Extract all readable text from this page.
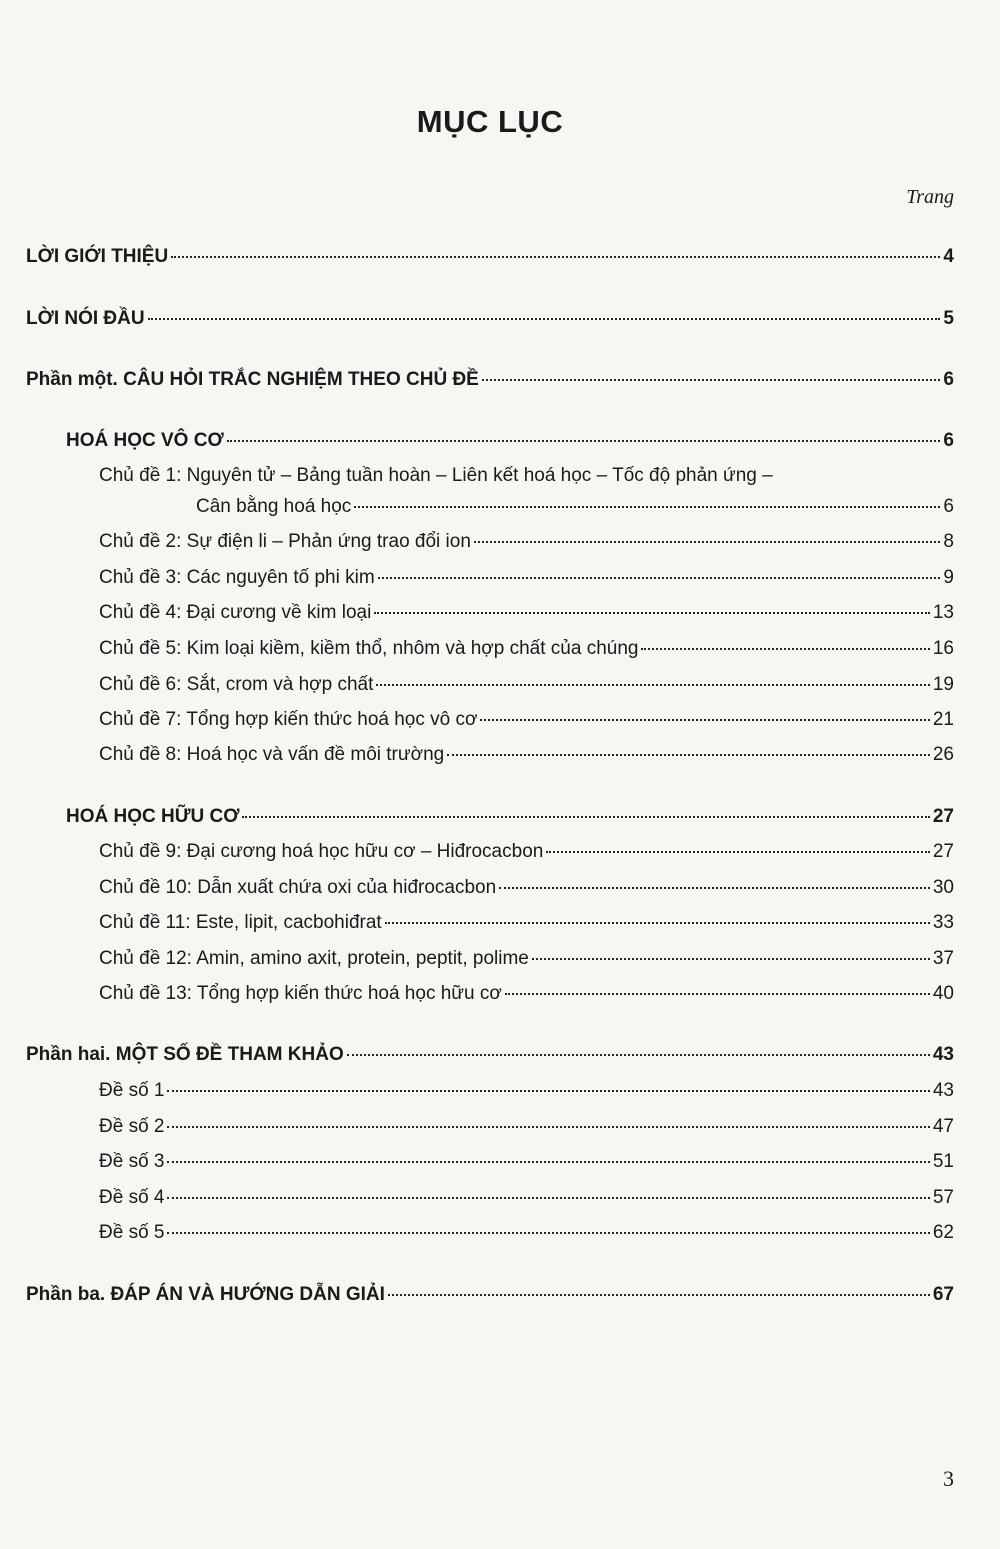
MỤC LỤC
Trang
LỜI GIỚI THIỆU	4
LỜI NÓI ĐẦU	5
Phần một. CÂU HỎI TRẮC NGHIỆM THEO CHỦ ĐỀ	6
HOÁ HỌC VÔ CƠ	6
Chủ đề 1: Nguyên tử – Bảng tuần hoàn – Liên kết hoá học – Tốc độ phản ứng –
Cân bằng hoá học	6
Chủ đề 2: Sự điện li – Phản ứng trao đổi ion	8
Chủ đề 3: Các nguyên tố phi kim	9
Chủ đề 4: Đại cương về kim loại	13
Chủ đề 5: Kim loại kiềm, kiềm thổ, nhôm và hợp chất của chúng	16
Chủ đề 6: Sắt, crom và hợp chất	19
Chủ đề 7: Tổng hợp kiến thức hoá học vô cơ	21
Chủ đề 8: Hoá học và vấn đề môi trường	26
HOÁ HỌC HỮU CƠ	27
Chủ đề 9: Đại cương hoá học hữu cơ – Hiđrocacbon	27
Chủ đề 10: Dẫn xuất chứa oxi của hiđrocacbon	30
Chủ đề 11: Este, lipit, cacbohiđrat	33
Chủ đề 12: Amin, amino axit, protein, peptit, polime	37
Chủ đề 13: Tổng hợp kiến thức hoá học hữu cơ	40
Phần hai. MỘT SỐ ĐỀ THAM KHẢO	43
Đề số 1	43
Đề số 2	47
Đề số 3	51
Đề số 4	57
Đề số 5	62
Phần ba. ĐÁP ÁN VÀ HƯỚNG DẪN GIẢI	67
3
